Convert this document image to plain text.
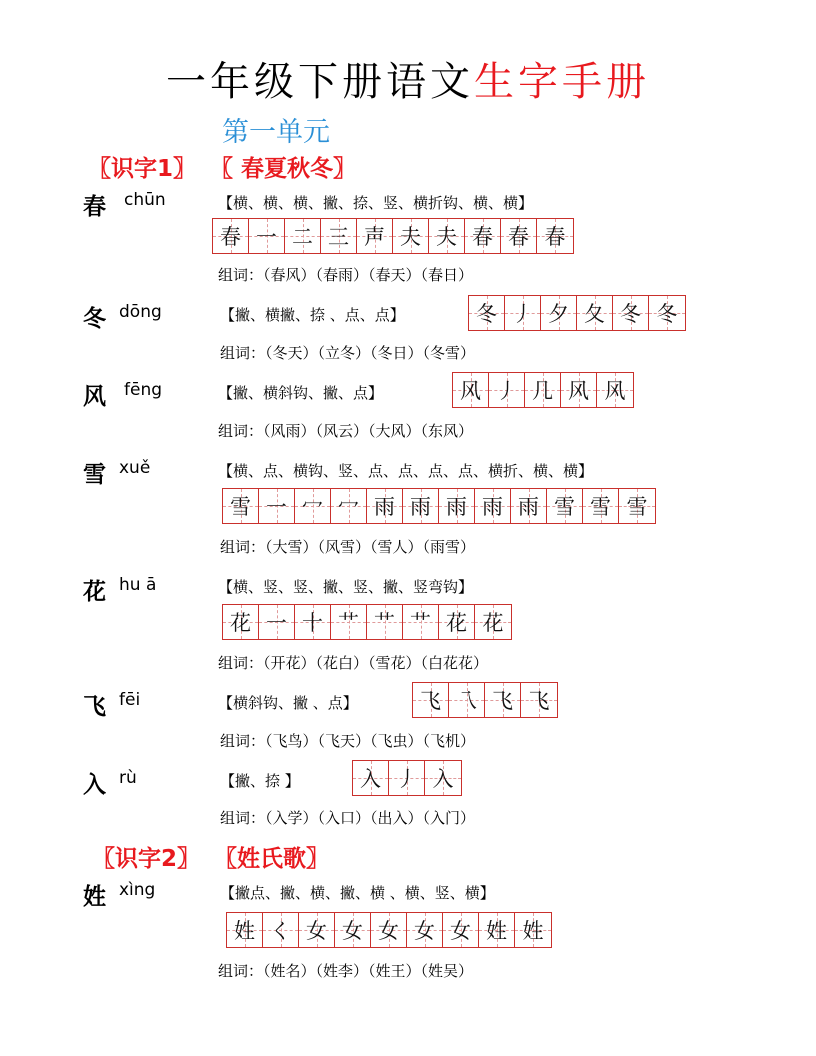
一年级下册语文生字手册
第一单元
〖识字1〗 〖 春夏秋冬〗
春 chūn	【横、横、横、撇、捺、竖、横折钩、横、横】
春 一 二 三 声 夫 夫 春 春 春
组词：（春风）（春雨）（春天）（春日）
冬 dōng	【撇、横撇、捺 、点、点】	冬 丿 夕 夂 冬 冬
组词：（冬天）（立冬）（冬日）（冬雪）
风 fēng	【撇、横斜钩、撇、点】	风 丿 几 风 风
组词：（风雨）（风云）（大风）（东风）
雪 xuě	【横、点、横钩、竖、点、点、点、点、横折、横、横】
雪 一 冖 冖 雨 雨 雨 雨 雨 雪 雪 雪
组词：（大雪）（风雪）（雪人）（雨雪）
花 hu ā	【横、竖、竖、撇、竖、撇、竖弯钩】
花 一 十 艹 艹 艹 花 花
组词：（开花）（花白）（雪花）（白花花）
飞 fēi	【横斜钩、撇 、点】	飞 乁 飞 飞
组词：（飞鸟）（飞天）（飞虫）（飞机）
入 rù	【撇、捺 】	入 丿 入
组词：（入学）（入口）（出入）（入门）
〖识字2〗 〖姓氏歌〗
姓 xìng	【撇点、撇、横、撇、横 、横、竖、横】
姓 く 女 女 女 女 女 姓 姓
组词：（姓名）（姓李）（姓王）（姓吴）
